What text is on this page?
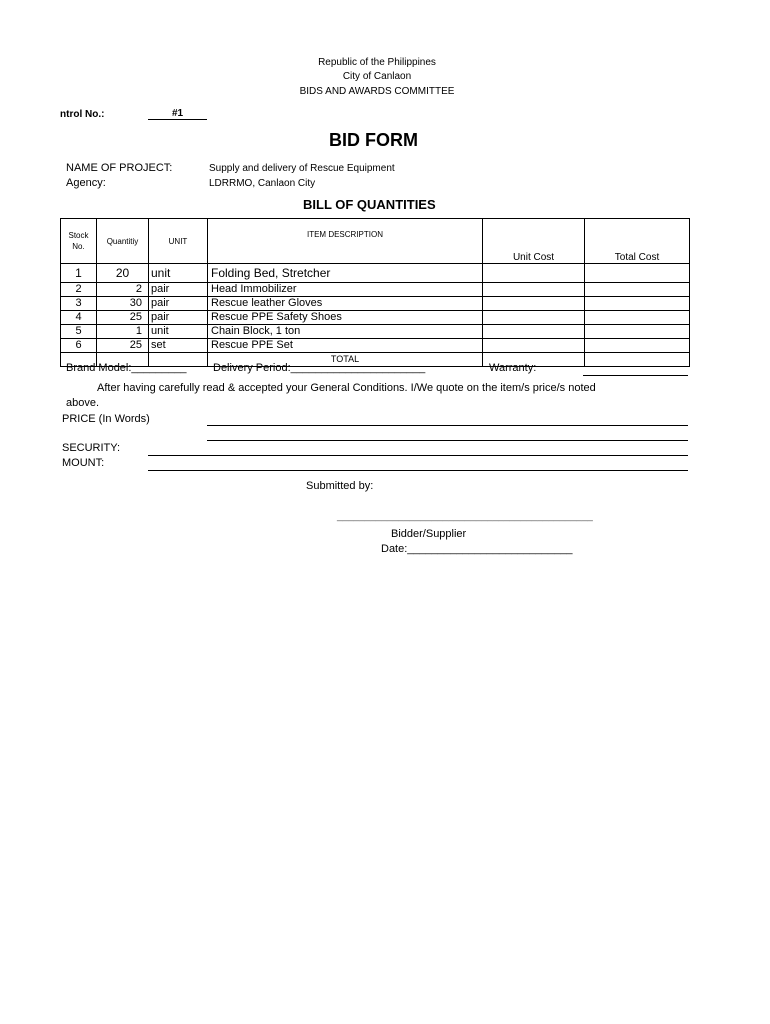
Republic of the Philippines
City of Canlaon
BIDS AND AWARDS COMMITTEE
ntrol No.:	#1
BID FORM
NAME OF PROJECT:	Supply and delivery of Rescue Equipment
Agency:	LDRRMO, Canlaon City
BILL OF QUANTITIES
Stock No.	Quantitiy	UNIT	ITEM DESCRIPTION	Unit Cost	Total Cost
1	20	unit	Folding Bed, Stretcher		
2	2	pair	Head Immobilizer		
3	30	pair	Rescue leather Gloves		
4	25	pair	Rescue PPE Safety Shoes		
5	1	unit	Chain Block, 1 ton		
6	25	set	Rescue PPE Set		
			TOTAL		
Brand Model:_________ Delivery Period:______________________	Warranty:
After having carefully read & accepted your General Conditions. I/We quote on the item/s price/s noted
above.
PRICE (In Words)
SECURITY:
MOUNT:
Submitted by:
______________________________________________
Bidder/Supplier
Date:___________________________
